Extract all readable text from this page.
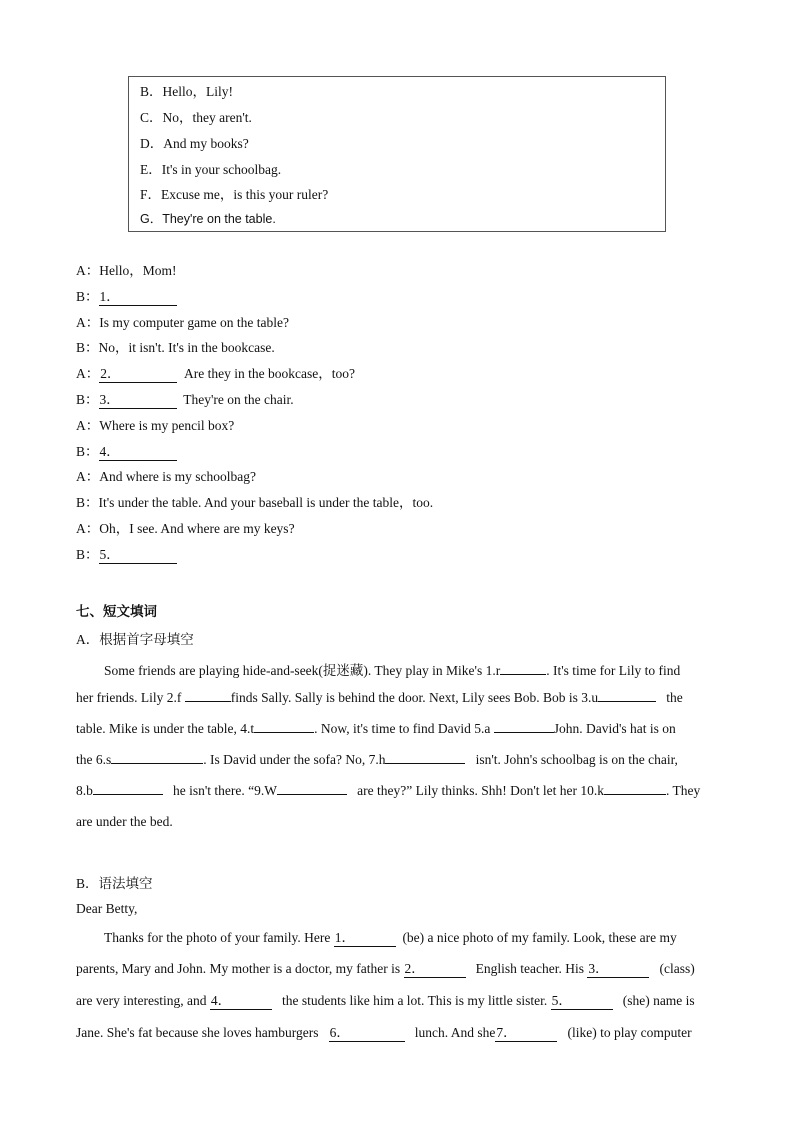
B．Hello，Lily!
C．No，they aren't.
D．And my books?
E．It's in your schoolbag.
F．Excuse me，is this your ruler?
G．They're on the table.
A：Hello，Mom!
B：1．
A：Is my computer game on the table?
B：No，it isn't. It's in the bookcase.
A：2．	Are they in the bookcase，too?
B：3．	They're on the chair.
A：Where is my pencil box?
B：4．
A：And where is my schoolbag?
B：It's under the table. And your baseball is under the table，too.
A：Oh，I see. And where are my keys?
B：5．
七、短文填词
A．根据首字母填空
Some friends are playing hide-and-seek(捉迷藏). They play in Mike's 1.r	. It's time for Lily to find
her friends. Lily 2.f	finds Sally. Sally is behind the door. Next, Lily sees Bob. Bob is 3.u	the
table. Mike is under the table, 4.t	. Now, it's time to find David 5.a	John. David's hat is on
the 6.s	. Is David under the sofa? No, 7.h	isn't. John's schoolbag is on the chair,
8.b	he isn't there. “9.W	are they?” Lily thinks. Shh! Don't let her 10.k	. They
are under the bed.
B．语法填空
Dear Betty,
Thanks for the photo of your family. Here 1．	(be) a nice photo of my family. Look, these are my
parents, Mary and John. My mother is a doctor, my father is 2．	English teacher. His 3．	(class)
are very interesting, and 4．	the students like him a lot. This is my little sister. 5．	(she) name is
Jane. She's fat because she loves hamburgers   6．	lunch. And she7．	(like) to play computer
